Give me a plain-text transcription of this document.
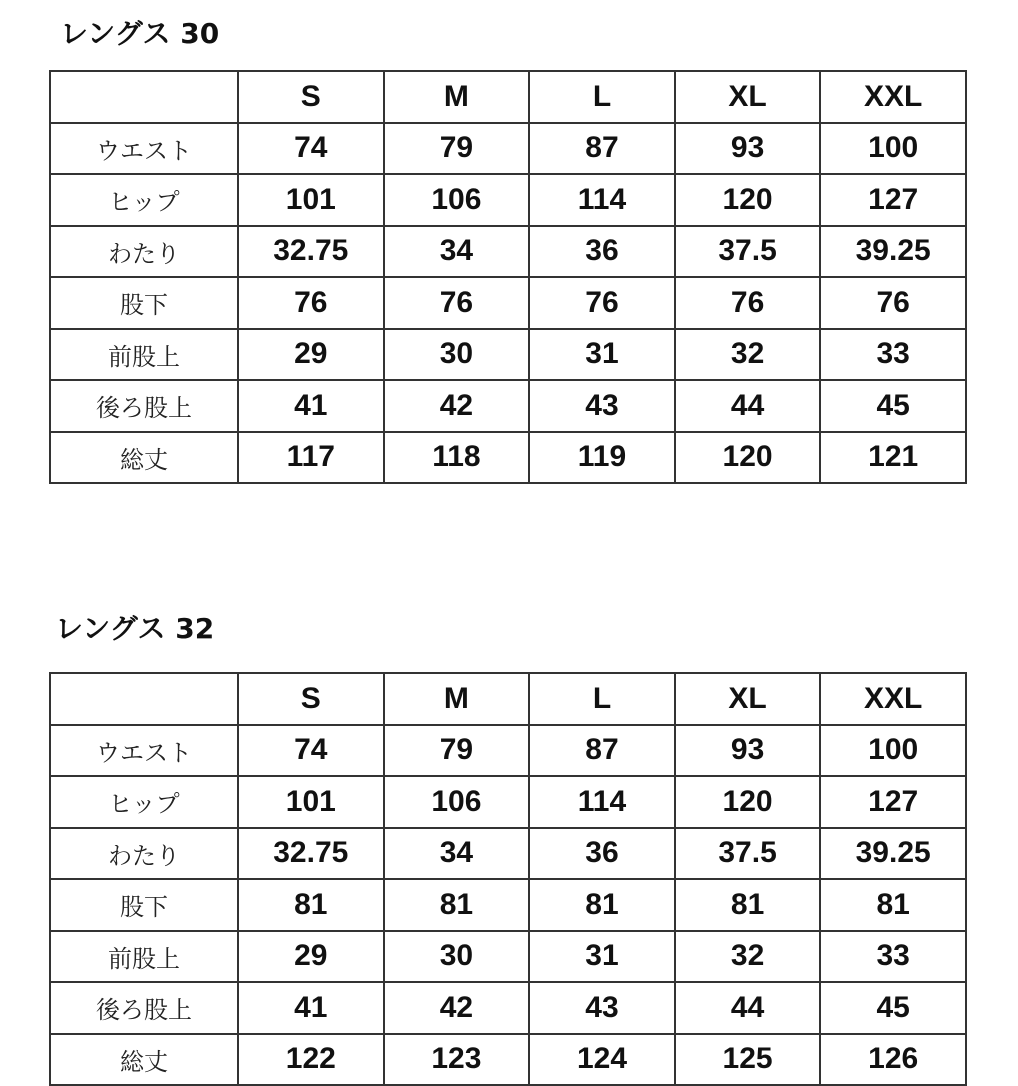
レングス 30
	S	M	L	XL	XXL
ウエスト	74	79	87	93	100
ヒップ	101	106	114	120	127
わたり	32.75	34	36	37.5	39.25
股下	76	76	76	76	76
前股上	29	30	31	32	33
後ろ股上	41	42	43	44	45
総丈	117	118	119	120	121
レングス 32
	S	M	L	XL	XXL
ウエスト	74	79	87	93	100
ヒップ	101	106	114	120	127
わたり	32.75	34	36	37.5	39.25
股下	81	81	81	81	81
前股上	29	30	31	32	33
後ろ股上	41	42	43	44	45
総丈	122	123	124	125	126
